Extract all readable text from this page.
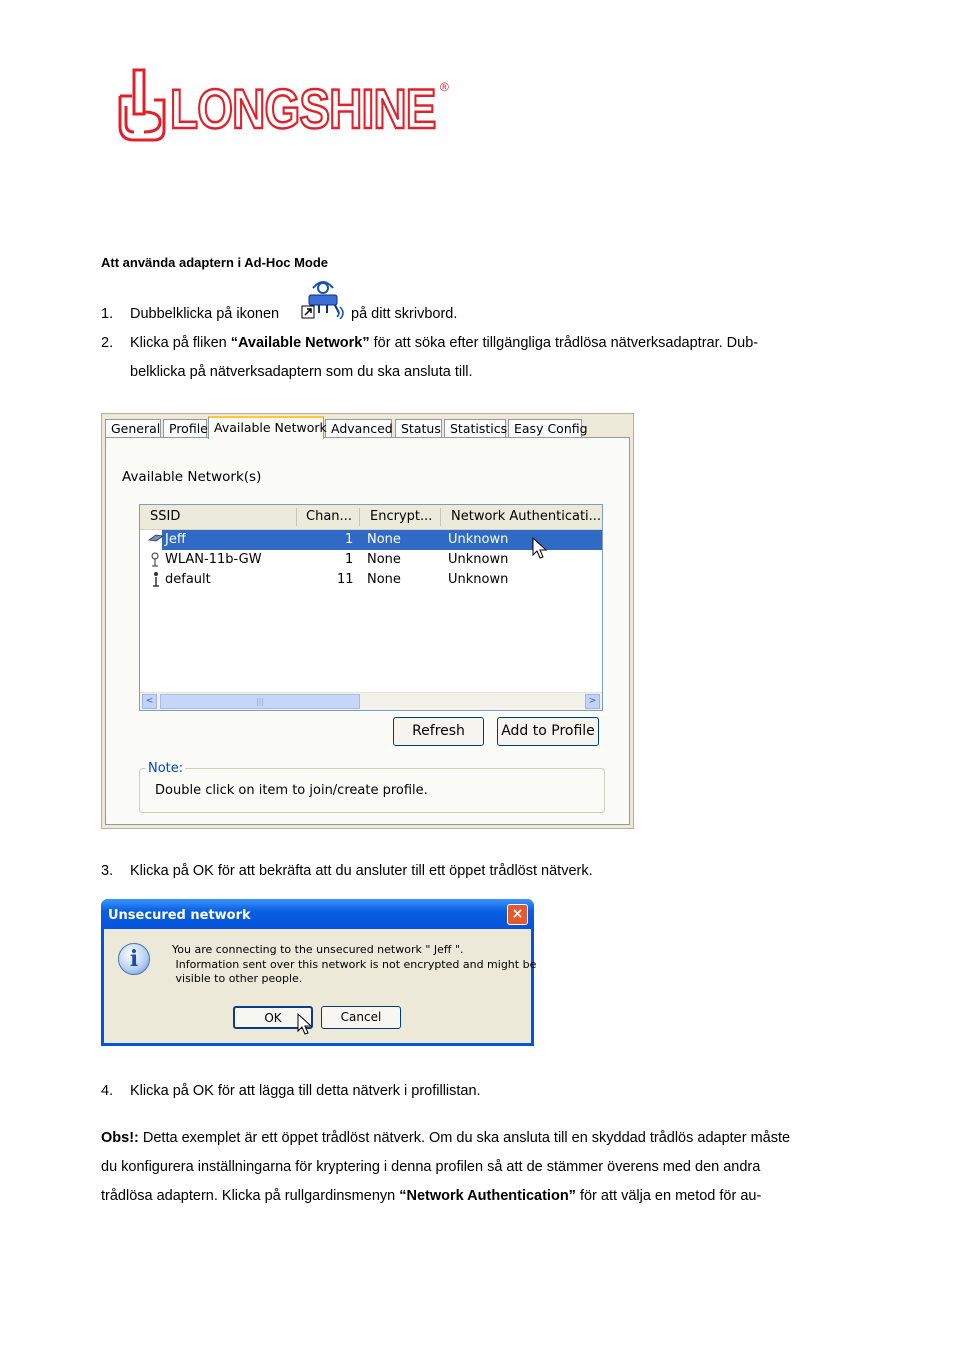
LONGSHINE ®
Att använda adaptern i Ad-Hoc Mode
1. Dubbelklicka på ikonen	på ditt skrivbord.
2. Klicka på fliken “Available Network” för att söka efter tillgängliga trådlösa nätverksadaptrar. Dub-
belklicka på nätverksadaptern som du ska ansluta till.
General Profile Available Network Advanced Status Statistics Easy Config
Available Network(s)
SSID	Chan... Encrypt... Network Authenticati...
Jeff	1 None	Unknown
WLAN-11b-GW	1 None	Unknown
default	11 None	Unknown
<	|||	>
Refresh	Add to Profile
Note:
Double click on item to join/create profile.
3. Klicka på OK för att bekräfta att du ansluter till ett öppet trådlöst nätverk.
Unsecured network	×
i	You are connecting to the unsecured network " Jeff ".
Information sent over this network is not encrypted and might be
visible to other people.
OK	Cancel
4. Klicka på OK för att lägga till detta nätverk i profillistan.
Obs!: Detta exemplet är ett öppet trådlöst nätverk. Om du ska ansluta till en skyddad trådlös adapter måste
du konfigurera inställningarna för kryptering i denna profilen så att de stämmer överens med den andra
trådlösa adaptern. Klicka på rullgardinsmenyn “Network Authentication” för att välja en metod för au-
